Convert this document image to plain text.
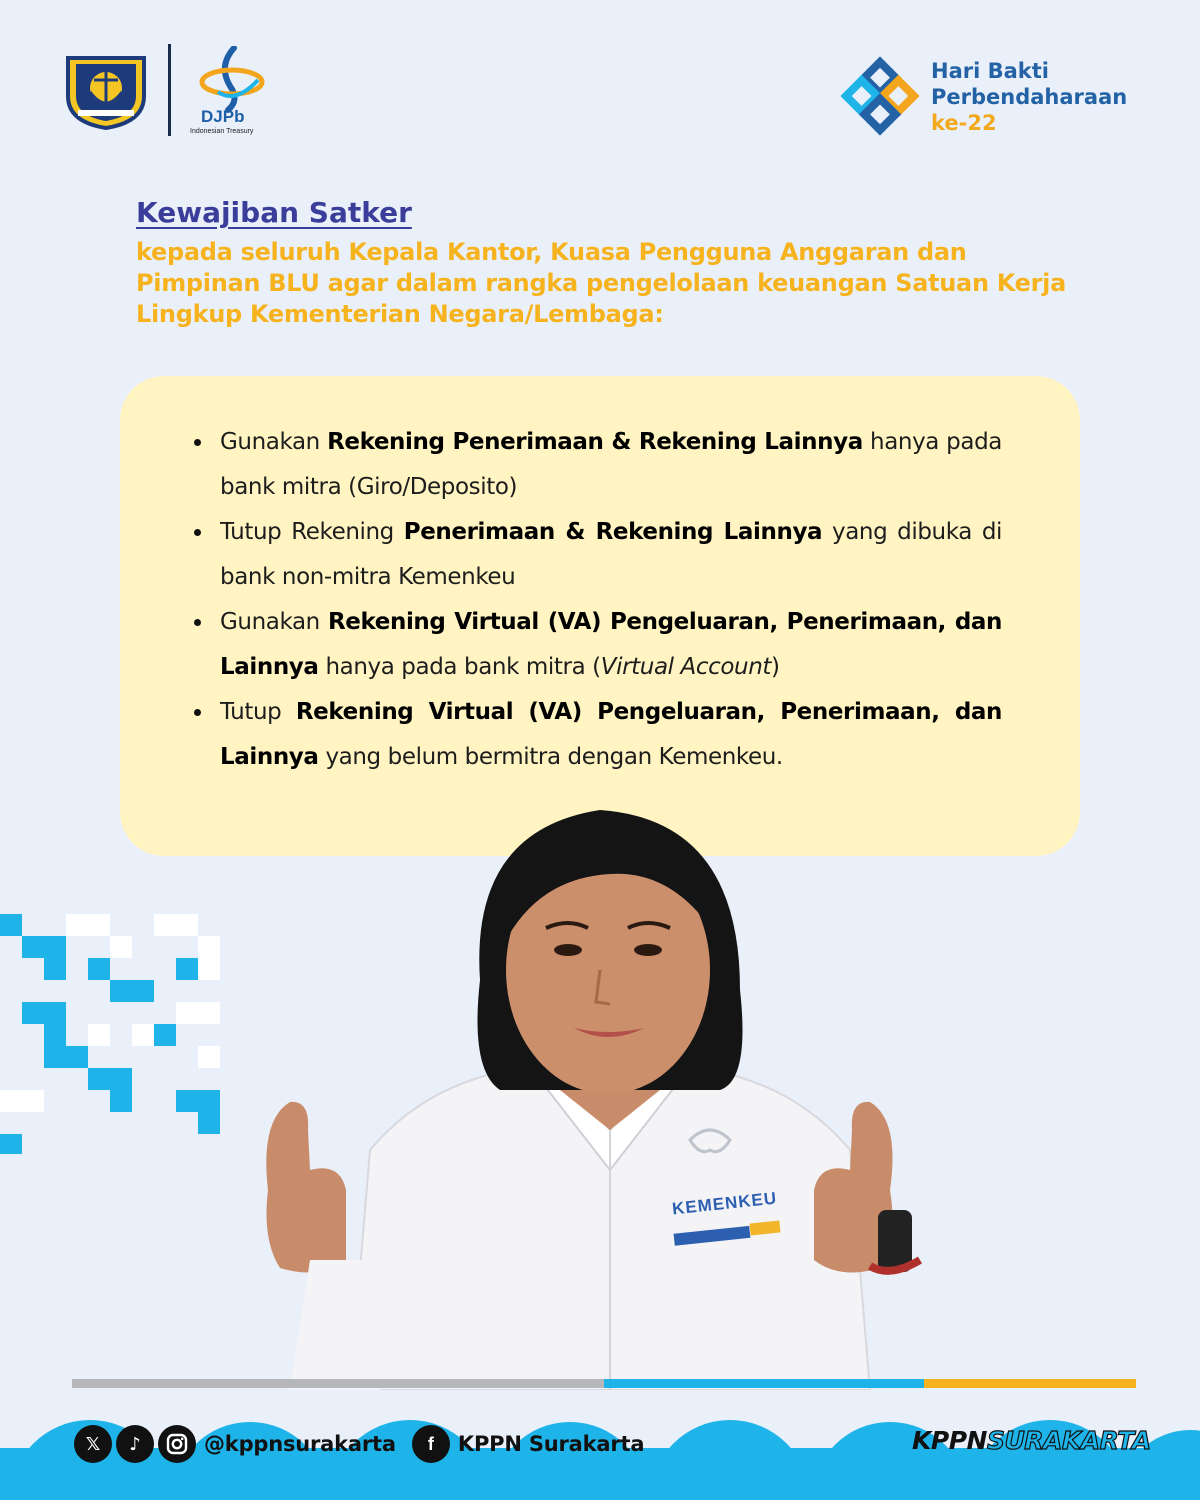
DJPb
Indonesian Treasury
Hari Bakti
Perbendaharaan
ke-22
Kewajiban Satker
kepada seluruh Kepala Kantor, Kuasa Pengguna Anggaran dan Pimpinan BLU agar dalam rangka pengelolaan keuangan Satuan Kerja Lingkup Kementerian Negara/Lembaga:
Gunakan Rekening Penerimaan & Rekening Lainnya hanya pada bank mitra (Giro/Deposito)
Tutup Rekening Penerimaan & Rekening Lainnya yang dibuka di bank non-mitra Kemenkeu
Gunakan Rekening Virtual (VA) Pengeluaran, Penerimaan, dan Lainnya hanya pada bank mitra (Virtual Account)
Tutup Rekening Virtual (VA) Pengeluaran, Penerimaan, dan Lainnya yang belum bermitra dengan Kemenkeu.
KEMENKEU
𝕏	♪	@kppnsurakarta	f	KPPN Surakarta	KPPNSURAKARTA
